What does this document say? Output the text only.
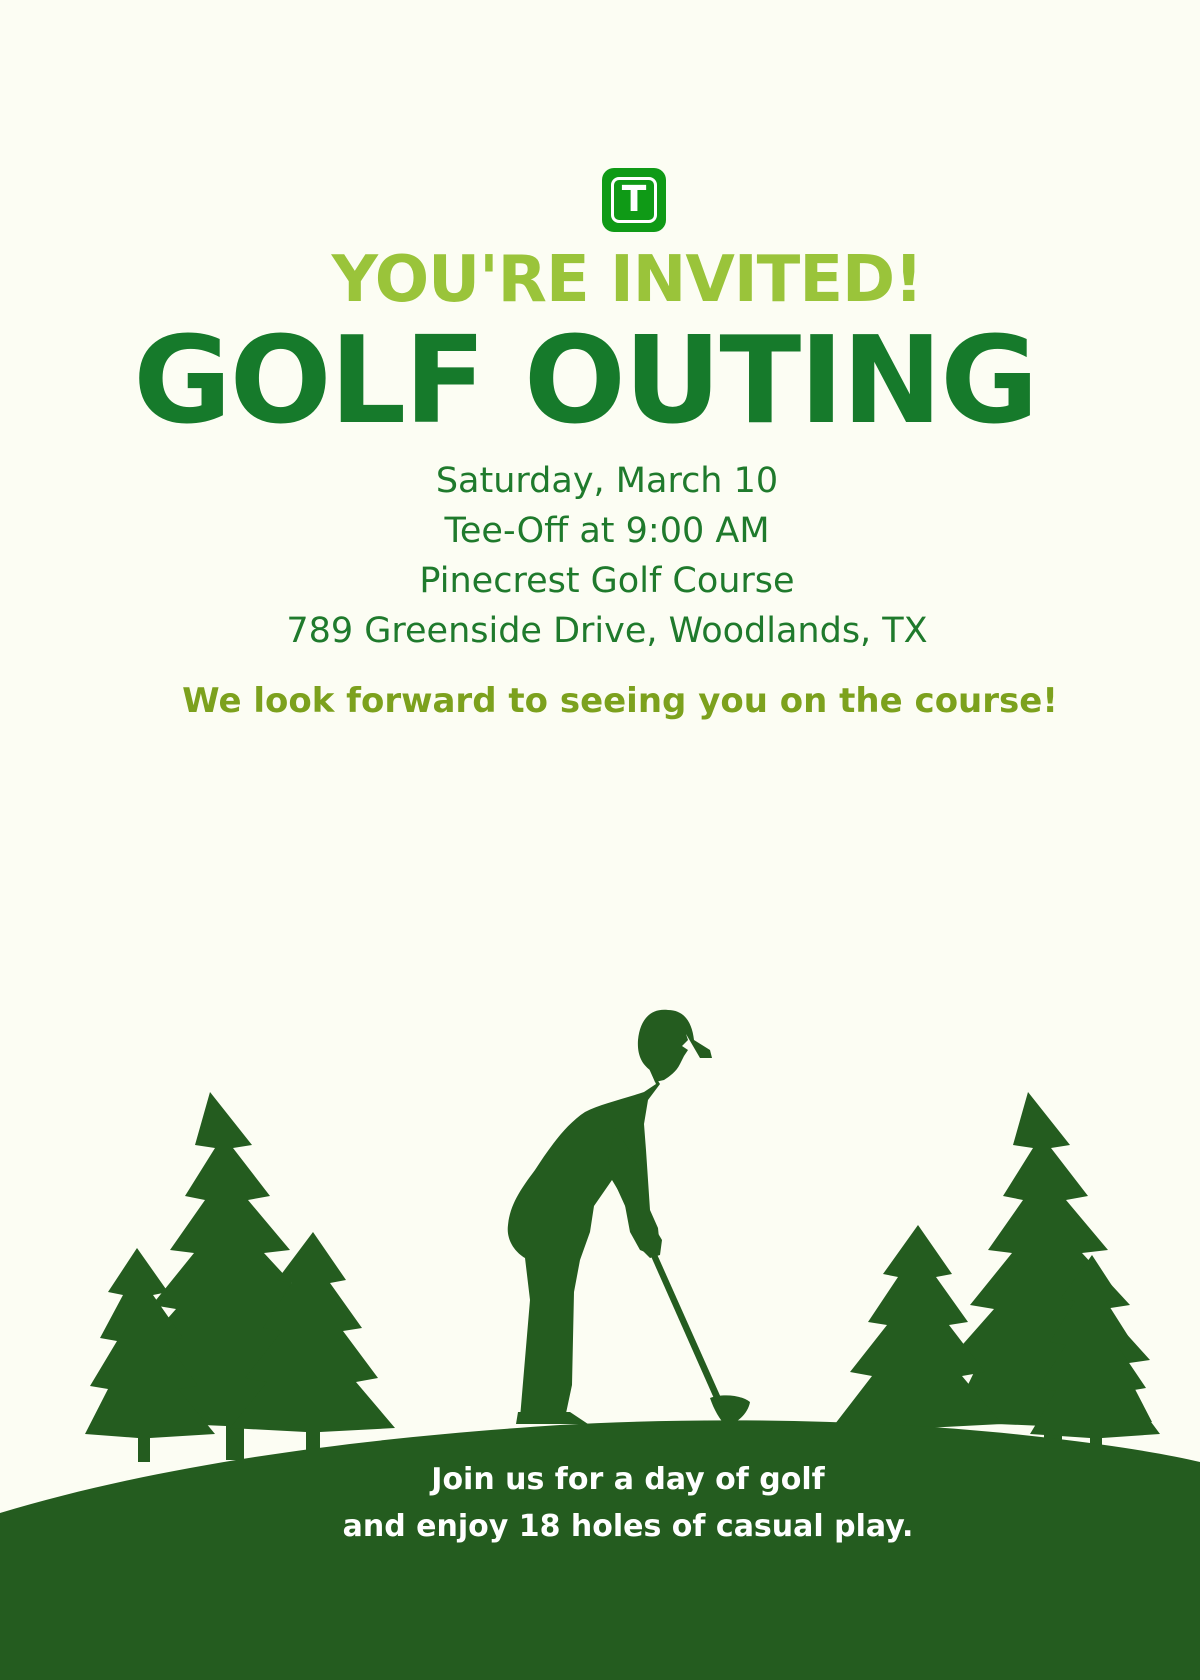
T
YOU'RE INVITED!
GOLF OUTING
Saturday, March 10
Tee-Off at 9:00 AM
Pinecrest Golf Course
789 Greenside Drive, Woodlands, TX
We look forward to seeing you on the course!
Join us for a day of golf
and enjoy 18 holes of casual play.
